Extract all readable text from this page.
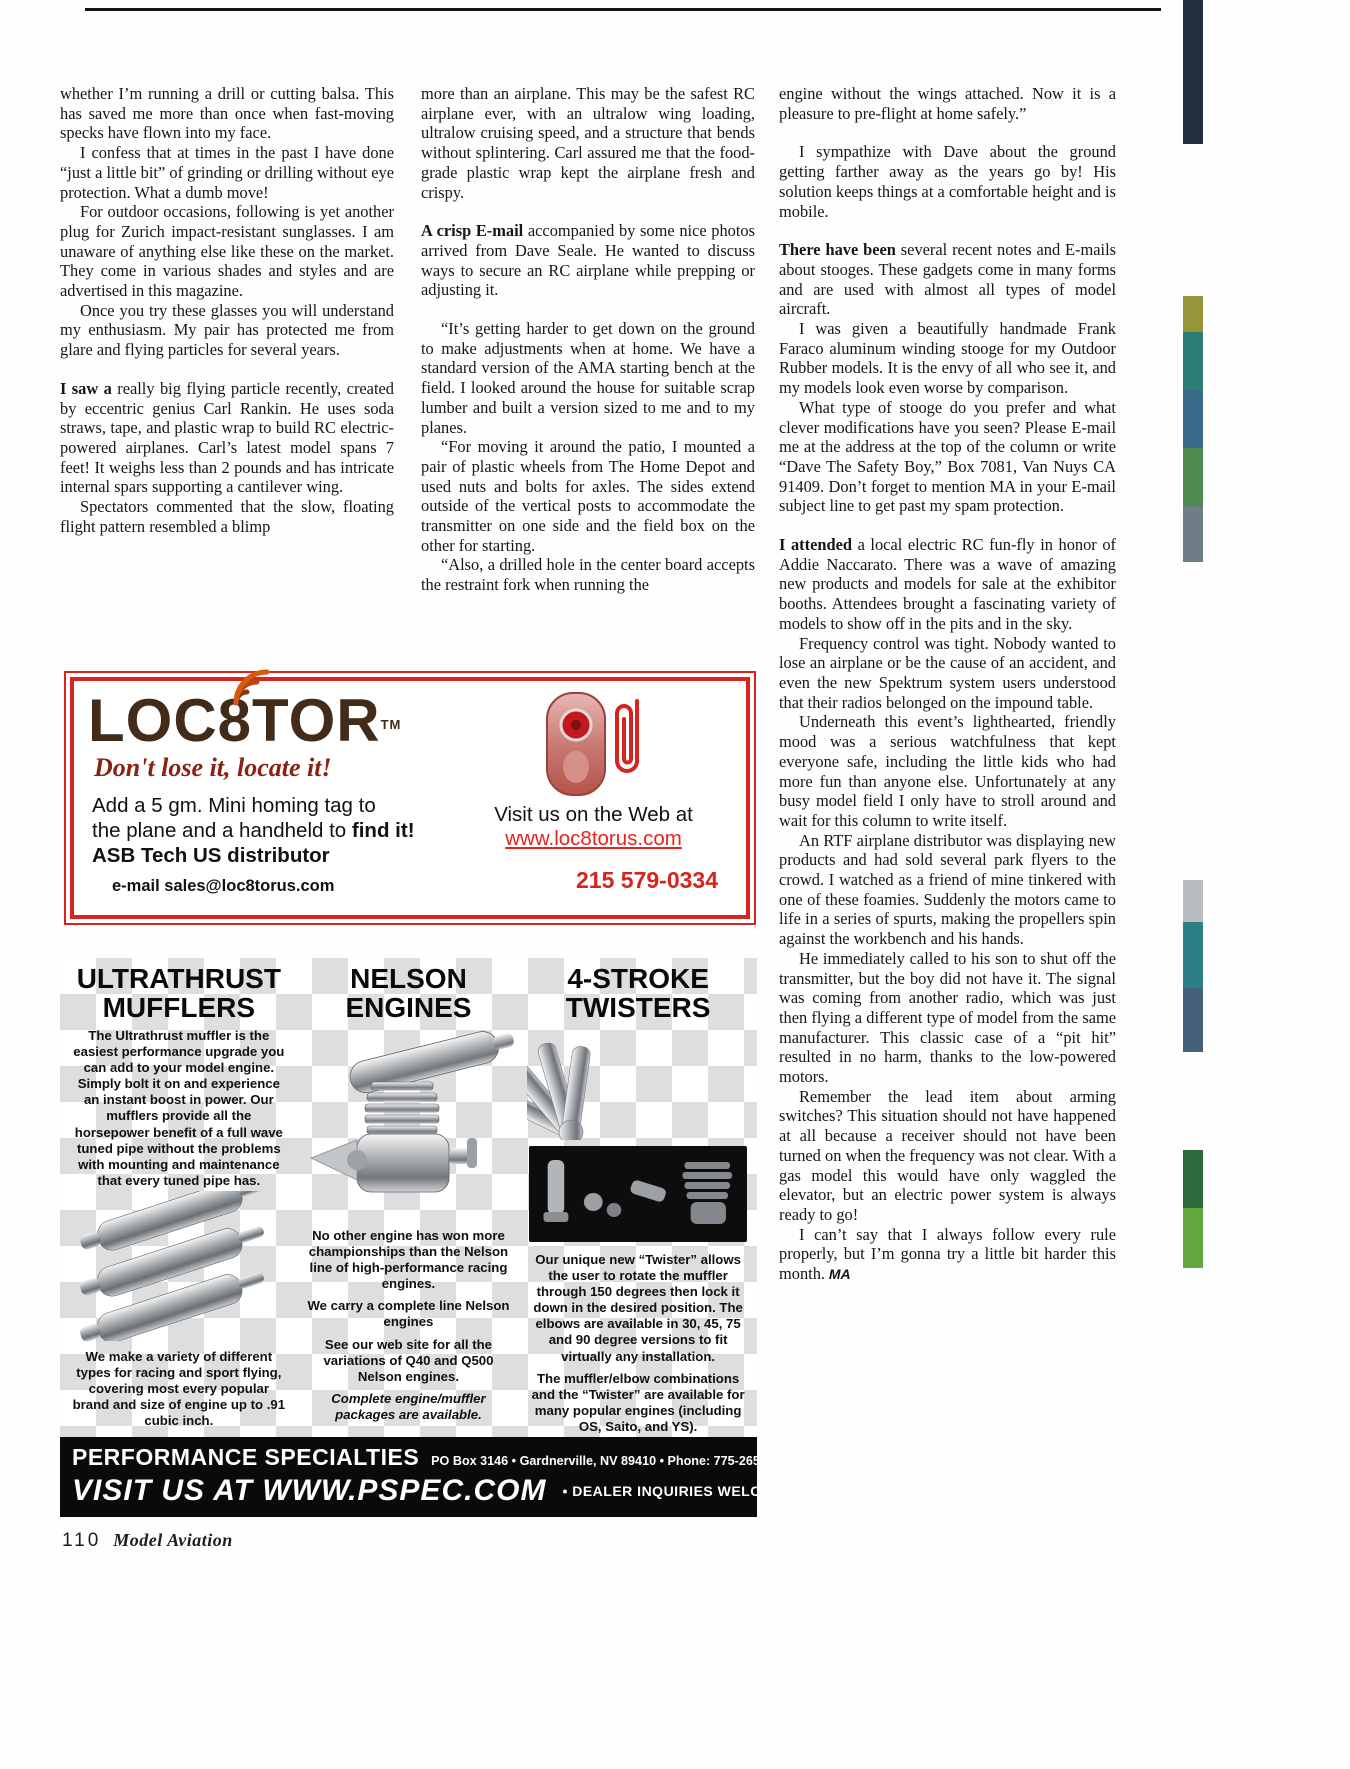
whether I’m running a drill or cutting balsa. This has saved me more than once when fast-moving specks have flown into my face.

I confess that at times in the past I have done “just a little bit” of grinding or drilling without eye protection. What a dumb move!

For outdoor occasions, following is yet another plug for Zurich impact-resistant sunglasses. I am unaware of anything else like these on the market. They come in various shades and styles and are advertised in this magazine.

Once you try these glasses you will understand my enthusiasm. My pair has protected me from glare and flying particles for several years.

I saw a really big flying particle recently, created by eccentric genius Carl Rankin. He uses soda straws, tape, and plastic wrap to build RC electric-powered airplanes. Carl’s latest model spans 7 feet! It weighs less than 2 pounds and has intricate internal spars supporting a cantilever wing.

Spectators commented that the slow, floating flight pattern resembled a blimp

more than an airplane. This may be the safest RC airplane ever, with an ultralow wing loading, ultralow cruising speed, and a structure that bends without splintering. Carl assured me that the food-grade plastic wrap kept the airplane fresh and crispy.

A crisp E-mail accompanied by some nice photos arrived from Dave Seale. He wanted to discuss ways to secure an RC airplane while prepping or adjusting it.

“It’s getting harder to get down on the ground to make adjustments when at home. We have a standard version of the AMA starting bench at the field. I looked around the house for suitable scrap lumber and built a version sized to me and to my planes.

“For moving it around the patio, I mounted a pair of plastic wheels from The Home Depot and used nuts and bolts for axles. The sides extend outside of the vertical posts to accommodate the transmitter on one side and the field box on the other for starting.

“Also, a drilled hole in the center board accepts the restraint fork when running the

engine without the wings attached. Now it is a pleasure to pre-flight at home safely.”

I sympathize with Dave about the ground getting farther away as the years go by! His solution keeps things at a comfortable height and is mobile.

There have been several recent notes and E-mails about stooges. These gadgets come in many forms and are used with almost all types of model aircraft.

I was given a beautifully handmade Frank Faraco aluminum winding stooge for my Outdoor Rubber models. It is the envy of all who see it, and my models look even worse by comparison.

What type of stooge do you prefer and what clever modifications have you seen? Please E-mail me at the address at the top of the column or write “Dave The Safety Boy,” Box 7081, Van Nuys CA 91409. Don’t forget to mention MA in your E-mail subject line to get past my spam protection.

I attended a local electric RC fun-fly in honor of Addie Naccarato. There was a wave of amazing new products and models for sale at the exhibitor booths. Attendees brought a fascinating variety of models to show off in the pits and in the sky.

Frequency control was tight. Nobody wanted to lose an airplane or be the cause of an accident, and even the new Spektrum system users understood that their radios belonged on the impound table.

Underneath this event’s lighthearted, friendly mood was a serious watchfulness that kept everyone safe, including the little kids who had more fun than anyone else. Unfortunately at any busy model field I only have to stroll around and wait for this column to write itself.

An RTF airplane distributor was displaying new products and had sold several park flyers to the crowd. I watched as a friend of mine tinkered with one of these foamies. Suddenly the motors came to life in a series of spurts, making the propellers spin against the workbench and his hands.

He immediately called to his son to shut off the transmitter, but the boy did not have it. The signal was coming from another radio, which was just then flying a different type of model from the same manufacturer. This classic case of a “pit hit” resulted in no harm, thanks to the low-powered motors.

Remember the lead item about arming switches? This situation should not have happened at all because a receiver should not have been turned on when the frequency was not clear. With a gas model this would have only waggled the elevator, but an electric power system is always ready to go!

I can’t say that I always follow every rule properly, but I’m gonna try a little bit harder this month. MA

LOC
8TOR™
Don't lose it, locate it!
Add a 5 gm. Mini homing tag to
the plane and a handheld to find it!
ASB Tech US distributor
e-mail sales@loc8torus.com
Visit us on the Web at
www.loc8torus.com
215 579-0334
ULTRATHRUST
MUFFLERS
The Ultrathrust muffler is the easiest performance upgrade you can add to your model engine. Simply bolt it on and experience an instant boost in power. Our mufflers provide all the horsepower benefit of a full wave tuned pipe without the problems with mounting and maintenance that every tuned pipe has.
We make a variety of different types for racing and sport flying, covering most every popular brand and size of engine up to .91 cubic inch.
NELSON
ENGINES
No other engine has won more championships than the Nelson line of high-performance racing engines.
We carry a complete line Nelson engines
See our web site for all the variations of Q40 and Q500 Nelson engines.
Complete engine/muffler packages are available.
4-STROKE
TWISTERS
Our unique new “Twister” allows the user to rotate the muffler through 150 degrees then lock it down in the desired position. The elbows are available in 30, 45, 75 and 90 degree versions to fit virtually any installation.
The muffler/elbow combinations and the “Twister” are available for many popular engines (including OS, Saito, and YS).
PERFORMANCE SPECIALTIES PO Box 3146 • Gardnerville, NV 89410 • Phone: 775-265-7523 • Fax: 775-265-7522
VISIT US AT WWW.PSPEC.COM • DEALER INQUIRIES WELCOME!
110 Model Aviation
